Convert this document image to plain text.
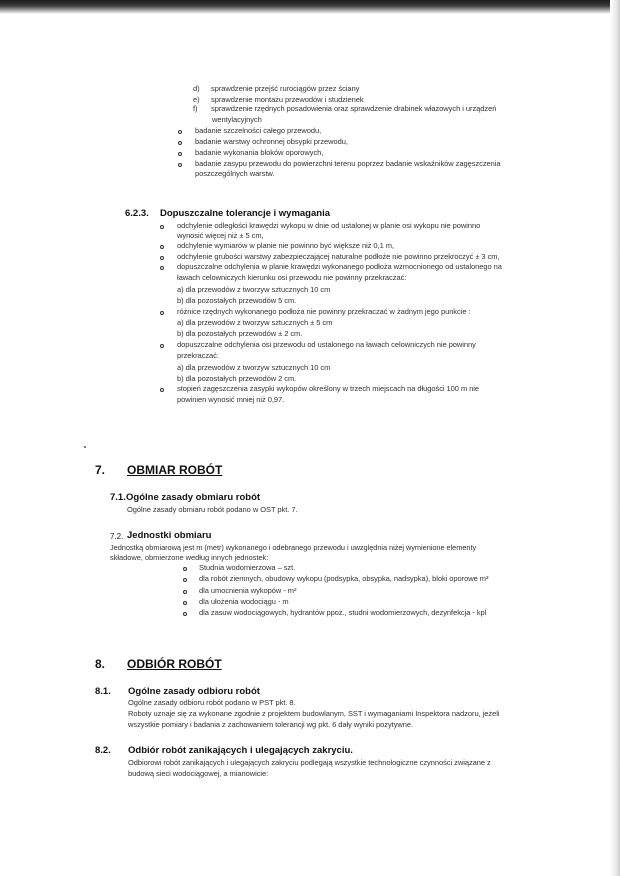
d) sprawdzenie przejść rurociągów przez ściany
e) sprawdzenie montażu przewodów i studzienek
f) sprawdzenie rzędnych posadowienia oraz sprawdzenie drabinek włazowych i urządzeń
wentylacyjnych
badanie szczelności całego przewodu,
badanie warstwy ochronnej obsypki przewodu,
badanie wykonania bloków oporowych,
badanie zasypu przewodu do powierzchni terenu poprzez badanie wskaźników zagęszczenia
poszczególnych warstw.
6.2.3. Dopuszczalne tolerancje i wymagania
odchylenie odległości krawędzi wykopu w dnie od ustalonej w planie osi wykopu nie powinno
wynosić więcej niż ± 5 cm,
odchylenie wymiarów w planie nie powinno być większe niż 0,1 m,
odchylenie grubości warstwy zabezpieczającej naturalne podłoże nie powinno przekroczyć ± 3 cm,
dopuszczalne odchylenia w planie krawędzi wykonanego podłoża wzmocnionego od ustalonego na
ławach celowniczych kierunku osi przewodu nie powinny przekraczać:
a) dla przewodów z tworzyw sztucznych 10 cm
b) dla pozostałych przewodów 5 cm.
różnice rzędnych wykonanego podłoża nie powinny przekraczać w żadnym jego punkcie :
a) dla przewodów z tworzyw sztucznych ± 5 cm
b) dla pozostałych przewodów ± 2 cm.
dopuszczalne odchylenia osi przewodu od ustalonego na ławach celowniczych nie powinny
przekraczać:
a) dla przewodów z tworzyw sztucznych 10 cm
b) dla pozostałych przewodów 2 cm.
stopień zagęszczenia zasypki wykopów określony w trzech miejscach na długości 100 m nie
powinien wynosić mniej niż 0,97.
7. OBMIAR ROBÓT
7.1. Ogólne zasady obmiaru robót
Ogólne zasady obmiaru robót podano w OST pkt. 7.
7.2. Jednostki obmiaru
Jednostką obmiarową jest m (metr) wykonanego i odebranego przewodu i uwzględnia niżej wymienione elementy
składowe, obmierzone według innych jednostek:
Studnia wodomierzowa – szt.
dla robót ziemnych, obudowy wykopu (podsypka, obsypka, nadsypka), bloki oporowe m³
dla umocnienia wykopów - m²
dla ułożenia wodociągu - m
dla zasuw wodociągowych, hydrantów ppoż., studni wodomierzowych, dezynfekcja - kpl
8. ODBIÓR ROBÓT
8.1. Ogólne zasady odbioru robót
Ogólne zasady odbioru robót podano w PST pkt. 8.
Roboty uznaje się za wykonane zgodnie z projektem budowlanym, SST i wymaganiami Inspektora nadzoru, jeżeli
wszystkie pomiary i badania z zachowaniem tolerancji wg pkt. 6 dały wyniki pozytywne.
8.2. Odbiór robót zanikających i ulegających zakryciu.
Odbiorowi robót zanikających i ulegających zakryciu podlegają wszystkie technologiczne czynności związane z
budową sieci wodociągowej, a mianowicie:
